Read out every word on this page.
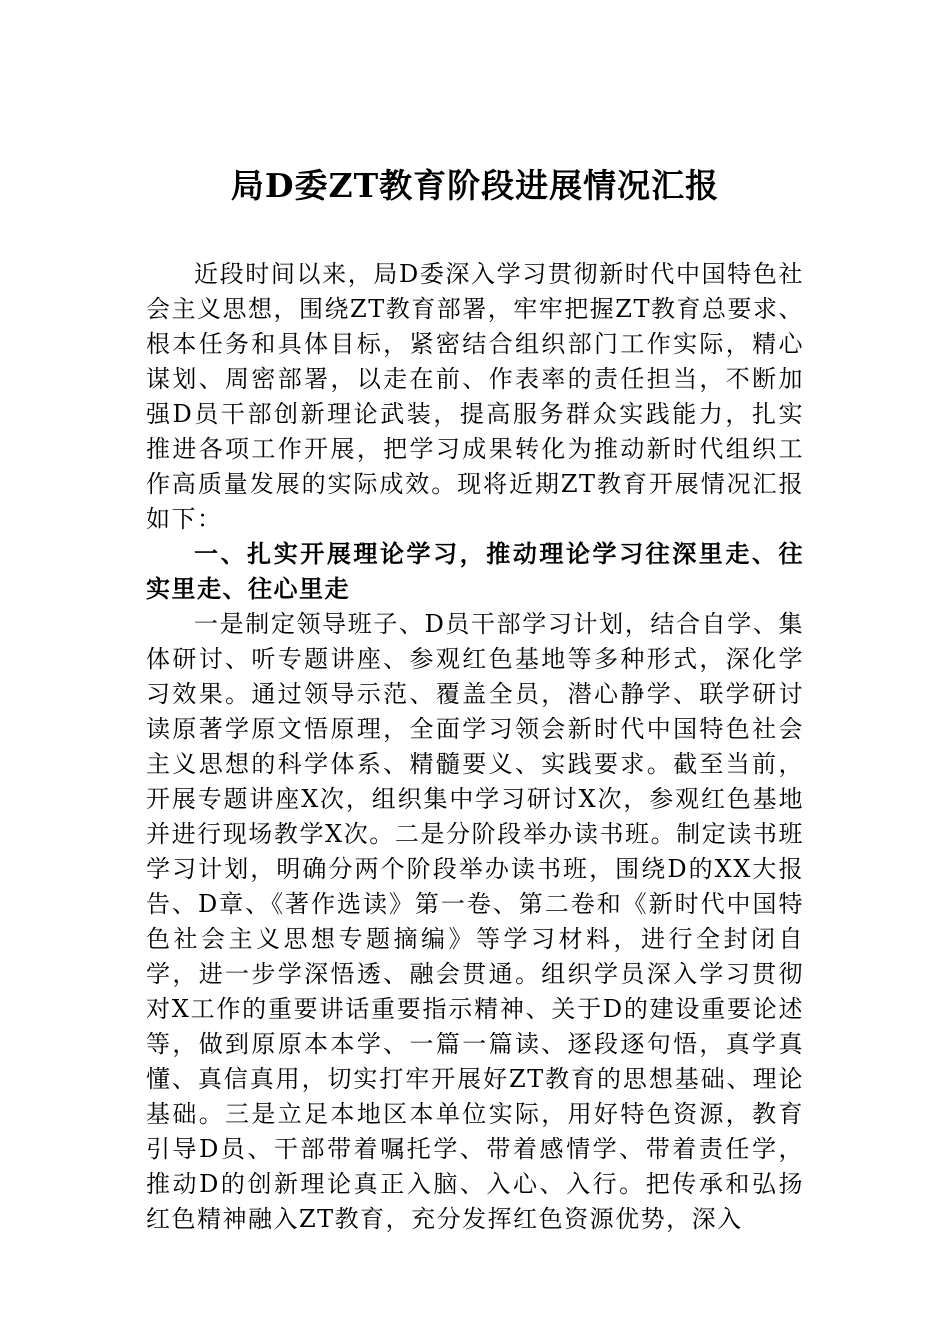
局D委ZT教育阶段进展情况汇报

近段时间以来，局D委深入学习贯彻新时代中国特色社会主义思想，围绕ZT教育部署，牢牢把握ZT教育总要求、根本任务和具体目标，紧密结合组织部门工作实际，精心谋划、周密部署，以走在前、作表率的责任担当，不断加强D员干部创新理论武装，提高服务群众实践能力，扎实推进各项工作开展，把学习成果转化为推动新时代组织工作高质量发展的实际成效。现将近期ZT教育开展情况汇报如下：

一、扎实开展理论学习，推动理论学习往深里走、往实里走、往心里走

一是制定领导班子、D员干部学习计划，结合自学、集体研讨、听专题讲座、参观红色基地等多种形式，深化学习效果。通过领导示范、覆盖全员，潜心静学、联学研讨读原著学原文悟原理，全面学习领会新时代中国特色社会主义思想的科学体系、精髓要义、实践要求。截至当前，开展专题讲座X次，组织集中学习研讨X次，参观红色基地并进行现场教学X次。二是分阶段举办读书班。制定读书班学习计划，明确分两个阶段举办读书班，围绕D的XX大报告、D章、《著作选读》第一卷、第二卷和《新时代中国特色社会主义思想专题摘编》等学习材料，进行全封闭自学，进一步学深悟透、融会贯通。组织学员深入学习贯彻对X工作的重要讲话重要指示精神、关于D的建设重要论述等，做到原原本本学、一篇一篇读、逐段逐句悟，真学真懂、真信真用，切实打牢开展好ZT教育的思想基础、理论基础。三是立足本地区本单位实际，用好特色资源，教育引导D员、干部带着嘱托学、带着感情学、带着责任学，推动D的创新理论真正入脑、入心、入行。把传承和弘扬红色精神融入ZT教育，充分发挥红色资源优势，深入
